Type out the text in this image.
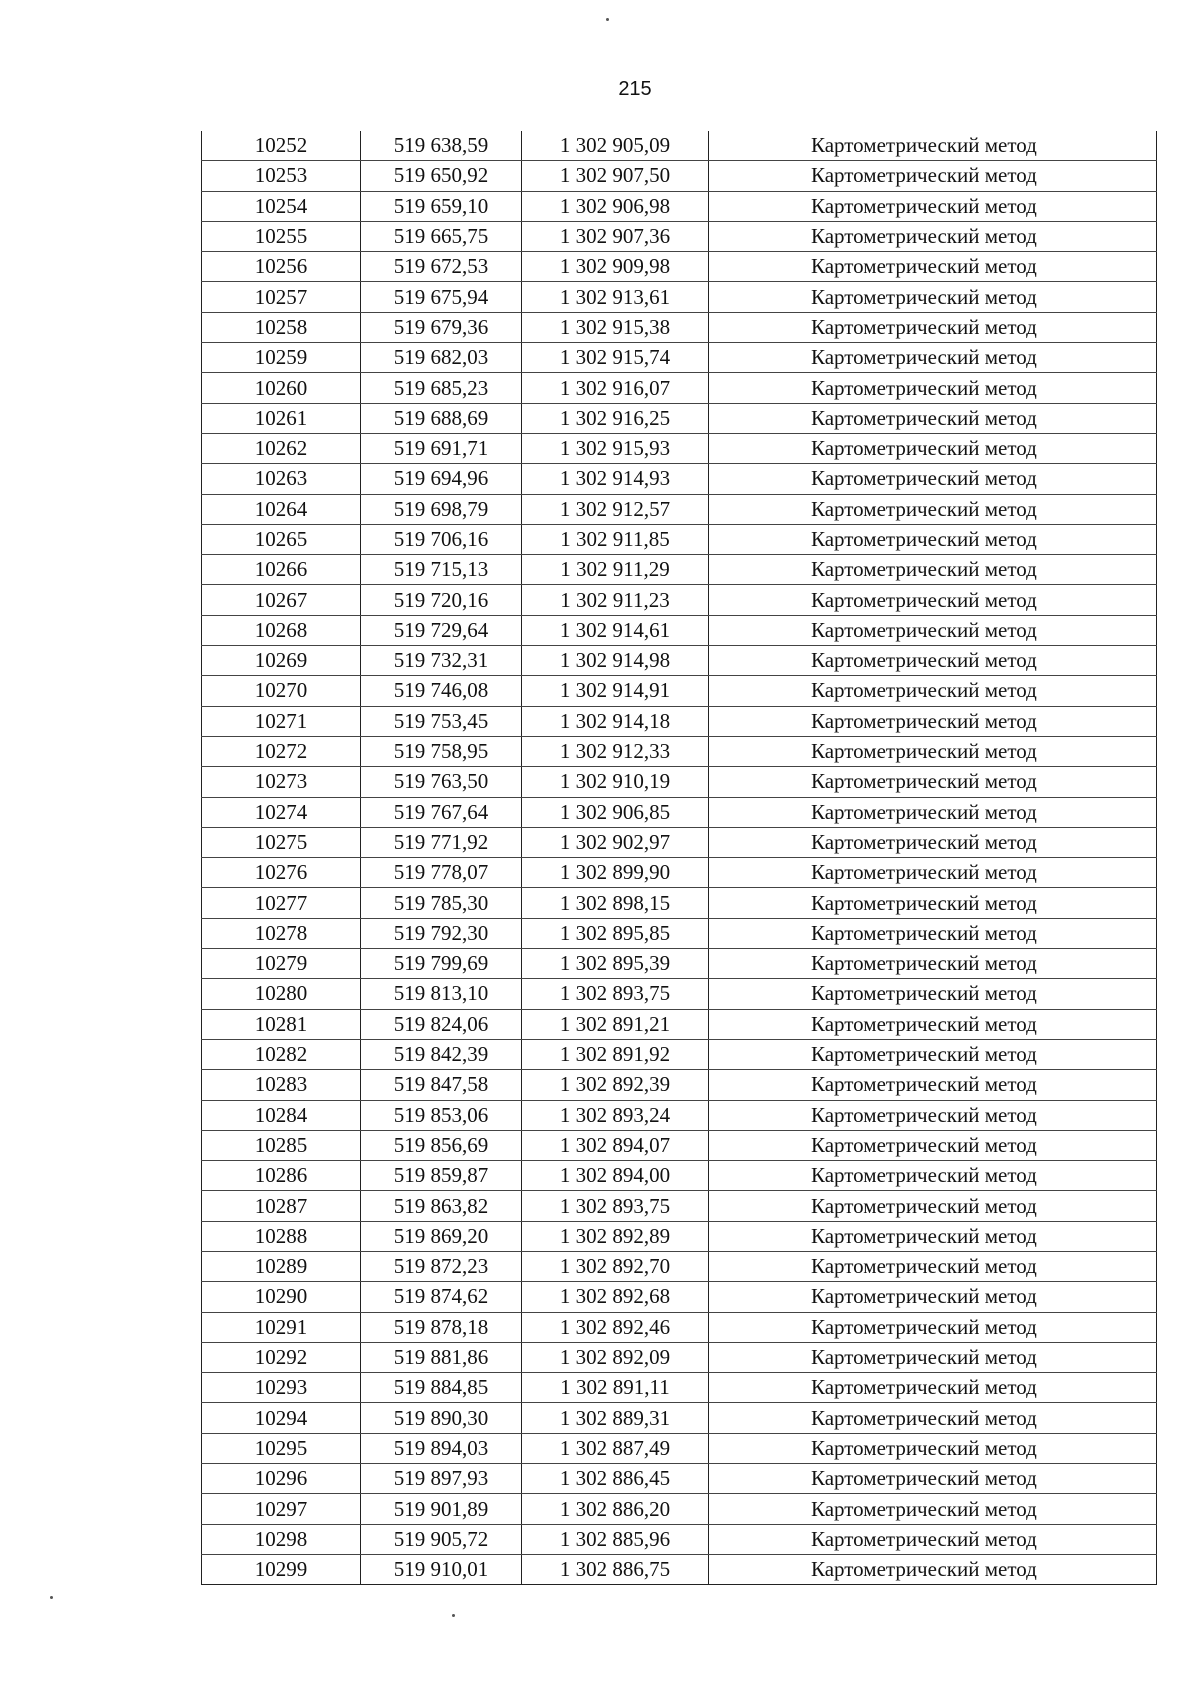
215
10252	519 638,59	1 302 905,09	Картометрический метод
10253	519 650,92	1 302 907,50	Картометрический метод
10254	519 659,10	1 302 906,98	Картометрический метод
10255	519 665,75	1 302 907,36	Картометрический метод
10256	519 672,53	1 302 909,98	Картометрический метод
10257	519 675,94	1 302 913,61	Картометрический метод
10258	519 679,36	1 302 915,38	Картометрический метод
10259	519 682,03	1 302 915,74	Картометрический метод
10260	519 685,23	1 302 916,07	Картометрический метод
10261	519 688,69	1 302 916,25	Картометрический метод
10262	519 691,71	1 302 915,93	Картометрический метод
10263	519 694,96	1 302 914,93	Картометрический метод
10264	519 698,79	1 302 912,57	Картометрический метод
10265	519 706,16	1 302 911,85	Картометрический метод
10266	519 715,13	1 302 911,29	Картометрический метод
10267	519 720,16	1 302 911,23	Картометрический метод
10268	519 729,64	1 302 914,61	Картометрический метод
10269	519 732,31	1 302 914,98	Картометрический метод
10270	519 746,08	1 302 914,91	Картометрический метод
10271	519 753,45	1 302 914,18	Картометрический метод
10272	519 758,95	1 302 912,33	Картометрический метод
10273	519 763,50	1 302 910,19	Картометрический метод
10274	519 767,64	1 302 906,85	Картометрический метод
10275	519 771,92	1 302 902,97	Картометрический метод
10276	519 778,07	1 302 899,90	Картометрический метод
10277	519 785,30	1 302 898,15	Картометрический метод
10278	519 792,30	1 302 895,85	Картометрический метод
10279	519 799,69	1 302 895,39	Картометрический метод
10280	519 813,10	1 302 893,75	Картометрический метод
10281	519 824,06	1 302 891,21	Картометрический метод
10282	519 842,39	1 302 891,92	Картометрический метод
10283	519 847,58	1 302 892,39	Картометрический метод
10284	519 853,06	1 302 893,24	Картометрический метод
10285	519 856,69	1 302 894,07	Картометрический метод
10286	519 859,87	1 302 894,00	Картометрический метод
10287	519 863,82	1 302 893,75	Картометрический метод
10288	519 869,20	1 302 892,89	Картометрический метод
10289	519 872,23	1 302 892,70	Картометрический метод
10290	519 874,62	1 302 892,68	Картометрический метод
10291	519 878,18	1 302 892,46	Картометрический метод
10292	519 881,86	1 302 892,09	Картометрический метод
10293	519 884,85	1 302 891,11	Картометрический метод
10294	519 890,30	1 302 889,31	Картометрический метод
10295	519 894,03	1 302 887,49	Картометрический метод
10296	519 897,93	1 302 886,45	Картометрический метод
10297	519 901,89	1 302 886,20	Картометрический метод
10298	519 905,72	1 302 885,96	Картометрический метод
10299	519 910,01	1 302 886,75	Картометрический метод
